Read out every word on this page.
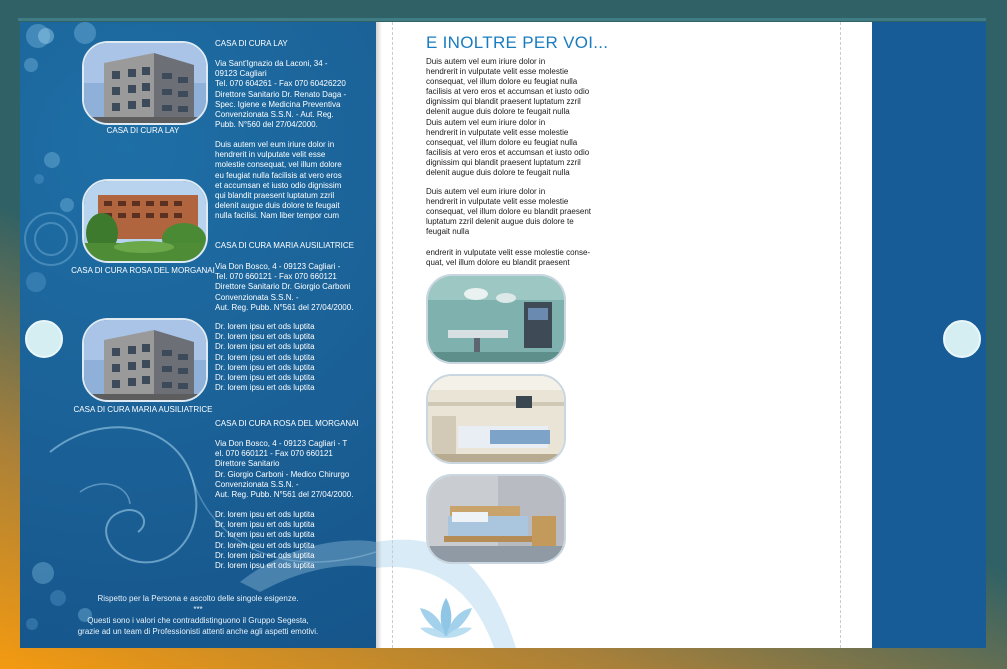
CASA DI CURA LAY
CASA DI CURA ROSA DEL MORGANAI
CASA DI CURA MARIA AUSILIATRICE
CASA DI CURA LAY
Via Sant'Ignazio da Laconi, 34 -
09123 Cagliari
Tel. 070 604261 - Fax 070 60426220
Direttore Sanitario Dr. Renato Daga -
Spec. Igiene e Medicina Preventiva
Convenzionata S.S.N. - Aut. Reg.
Pubb. N°560 del 27/04/2000.
Duis autem vel eum iriure dolor in
hendrerit in vulputate velit esse
molestie consequat, vel illum dolore
eu feugiat nulla facilisis at vero eros
et accumsan et iusto odio dignissim
qui blandit praesent luptatum zzril
delenit augue duis dolore te feugait
nulla facilisi. Nam liber tempor cum
CASA DI CURA MARIA AUSILIATRICE
Via Don Bosco, 4 - 09123 Cagliari -
Tel. 070 660121 - Fax 070 660121
Direttore Sanitario Dr. Giorgio Carboni
Convenzionata S.S.N. -
Aut. Reg. Pubb. N°561 del 27/04/2000.
Dr. lorem ipsu ert ods luptita
Dr. lorem ipsu ert ods luptita
Dr. lorem ipsu ert ods luptita
Dr. lorem ipsu ert ods luptita
Dr. lorem ipsu ert ods luptita
Dr. lorem ipsu ert ods luptita
Dr. lorem ipsu ert ods luptita
CASA DI CURA ROSA DEL MORGANAI
Via Don Bosco, 4 - 09123 Cagliari - T
el. 070 660121 - Fax 070 660121
Direttore Sanitario
Dr. Giorgio Carboni - Medico Chirurgo
Convenzionata S.S.N. -
Aut. Reg. Pubb. N°561 del 27/04/2000.
Dr. lorem ipsu ert ods luptita
Dr. lorem ipsu ert ods luptita
Dr. lorem ipsu ert ods luptita
Dr. lorem ipsu ert ods luptita
Dr. lorem ipsu ert ods luptita
Dr. lorem ipsu ert ods luptita
Rispetto per la Persona e ascolto delle singole esigenze.
***
Questi sono i valori che contraddistinguono il Gruppo Segesta,
grazie ad un team di Professionisti attenti anche agli aspetti emotivi.
E INOLTRE PER VOI...
Duis autem vel eum iriure dolor in
hendrerit in vulputate velit esse molestie
consequat, vel illum dolore eu feugiat nulla
facilisis at vero eros et accumsan et iusto odio
dignissim qui blandit praesent luptatum zzril
delenit augue duis dolore te feugait nulla
Duis autem vel eum iriure dolor in
hendrerit in vulputate velit esse molestie
consequat, vel illum dolore eu feugiat nulla
facilisis at vero eros et accumsan et iusto odio
dignissim qui blandit praesent luptatum zzril
delenit augue duis dolore te feugait nulla
Duis autem vel eum iriure dolor in
hendrerit in vulputate velit esse molestie
consequat, vel illum dolore eu blandit praesent
luptatum zzril delenit augue duis dolore te
feugait nulla
endrerit in vulputate velit esse molestie conse-
quat, vel illum dolore eu blandit praesent
